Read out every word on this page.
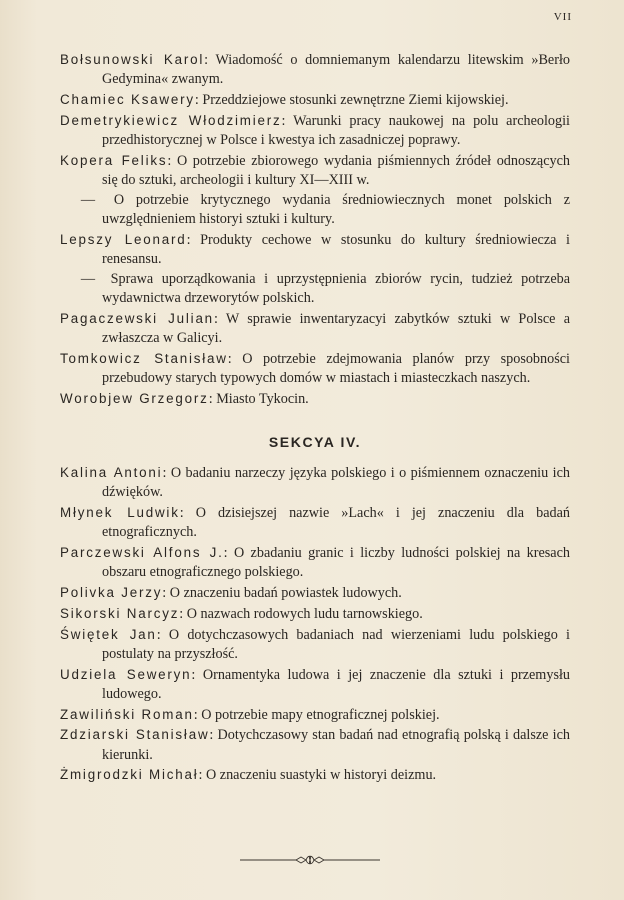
VII

Bołsunowski Karol: Wiadomość o domniemanym kalendarzu litewskim »Berło Gedymina« zwanym.

Chamiec Ksawery: Przeddziejowe stosunki zewnętrzne Ziemi kijowskiej.

Demetrykiewicz Włodzimierz: Warunki pracy naukowej na polu archeologii przedhistorycznej w Polsce i kwestya ich zasadniczej poprawy.

Kopera Feliks: O potrzebie zbiorowego wydania piśmiennych źródeł odnoszących się do sztuki, archeologii i kultury XI—XIII w.

— O potrzebie krytycznego wydania średniowiecznych monet polskich z uwzględnieniem historyi sztuki i kultury.

Lepszy Leonard: Produkty cechowe w stosunku do kultury średniowiecza i renesansu.

— Sprawa uporządkowania i uprzystępnienia zbiorów rycin, tudzież potrzeba wydawnictwa drzeworytów polskich.

Pagaczewski Julian: W sprawie inwentaryzacyi zabytków sztuki w Polsce a zwłaszcza w Galicyi.

Tomkowicz Stanisław: O potrzebie zdejmowania planów przy sposobności przebudowy starych typowych domów w miastach i miasteczkach naszych.

Worobjew Grzegorz: Miasto Tykocin.

SEKCYA IV.

Kalina Antoni: O badaniu narzeczy języka polskiego i o piśmiennem oznaczeniu ich dźwięków.

Młynek Ludwik: O dzisiejszej nazwie »Lach« i jej znaczeniu dla badań etnograficznych.

Parczewski Alfons J.: O zbadaniu granic i liczby ludności polskiej na kresach obszaru etnograficznego polskiego.

Polivka Jerzy: O znaczeniu badań powiastek ludowych.

Sikorski Narcyz: O nazwach rodowych ludu tarnowskiego.

Świętek Jan: O dotychczasowych badaniach nad wierzeniami ludu polskiego i postulaty na przyszłość.

Udziela Seweryn: Ornamentyka ludowa i jej znaczenie dla sztuki i przemysłu ludowego.

Zawiliński Roman: O potrzebie mapy etnograficznej polskiej.

Zdziarski Stanisław: Dotychczasowy stan badań nad etnografią polską i dalsze ich kierunki.

Żmigrodzki Michał: O znaczeniu suastyki w historyi deizmu.
